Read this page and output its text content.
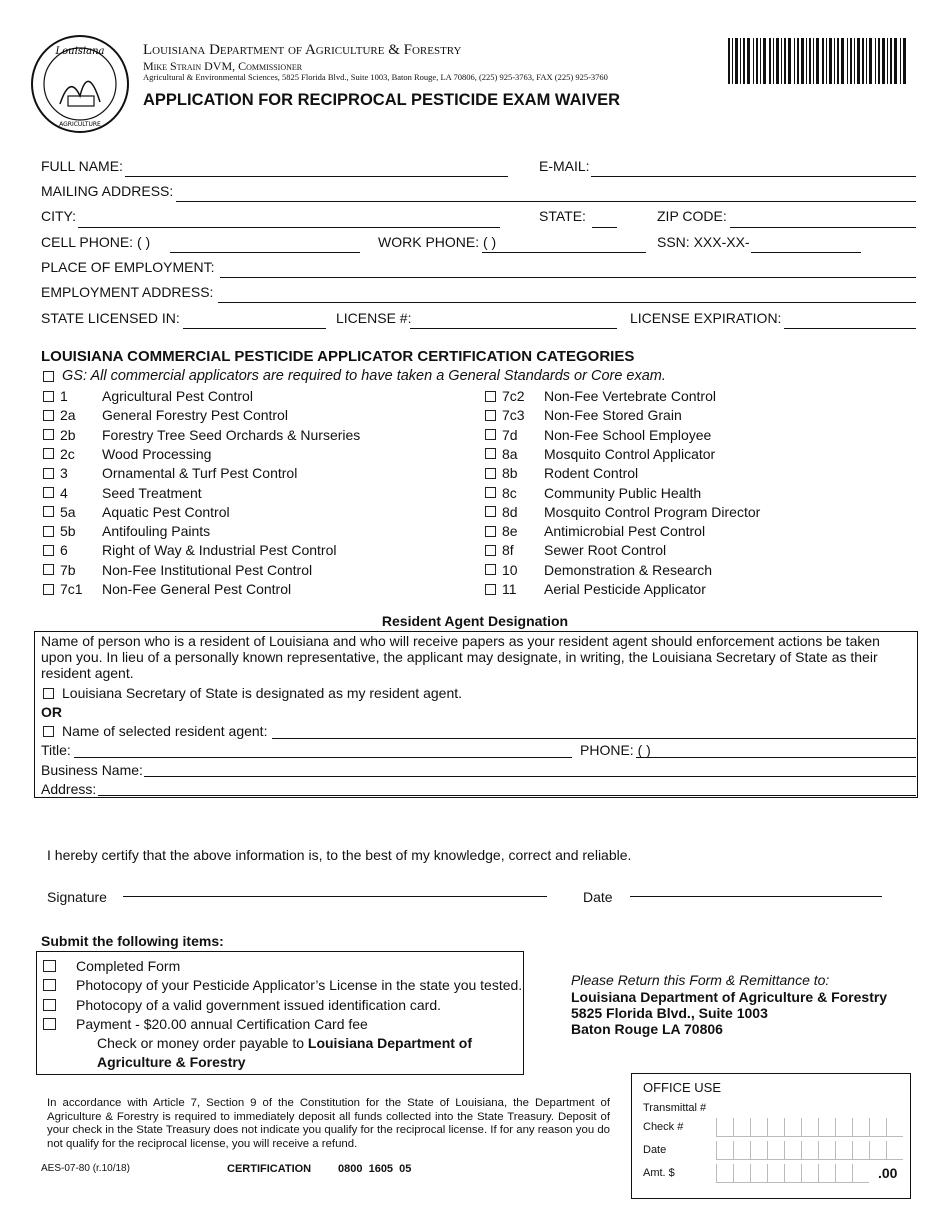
Louisiana
AGRICULTURE
Louisiana Department of Agriculture & Forestry
Mike Strain DVM, Commissioner
Agricultural & Environmental Sciences, 5825 Florida Blvd., Suite 1003, Baton Rouge, LA 70806, (225) 925-3763, FAX (225) 925-3760
APPLICATION FOR RECIPROCAL PESTICIDE EXAM WAIVER
FULL NAME:	E-MAIL:
MAILING ADDRESS:
CITY:	STATE:	ZIP CODE:
CELL PHONE: ( )	WORK PHONE: ( )	SSN: XXX-XX-
PLACE OF EMPLOYMENT:
EMPLOYMENT ADDRESS:
STATE LICENSED IN:	LICENSE #:	LICENSE EXPIRATION:
LOUISIANA COMMERCIAL PESTICIDE APPLICATOR CERTIFICATION CATEGORIES
GS: All commercial applicators are required to have taken a General Standards or Core exam.
1	Agricultural Pest Control
2a	General Forestry Pest Control
2b	Forestry Tree Seed Orchards & Nurseries
2c	Wood Processing
3	Ornamental & Turf Pest Control
4	Seed Treatment
5a	Aquatic Pest Control
5b	Antifouling Paints
6	Right of Way & Industrial Pest Control
7b	Non-Fee Institutional Pest Control
7c1	Non-Fee General Pest Control
7c2	Non-Fee Vertebrate Control
7c3	Non-Fee Stored Grain
7d	Non-Fee School Employee
8a	Mosquito Control Applicator
8b	Rodent Control
8c	Community Public Health
8d	Mosquito Control Program Director
8e	Antimicrobial Pest Control
8f	Sewer Root Control
10	Demonstration & Research
11	Aerial Pesticide Applicator
Resident Agent Designation
Name of person who is a resident of Louisiana and who will receive papers as your resident agent should enforcement actions be taken upon you. In lieu of a personally known representative, the applicant may designate, in writing, the Louisiana Secretary of State as their resident agent.
Louisiana Secretary of State is designated as my resident agent.
OR
Name of selected resident agent:
Title:	PHONE: ( )
Business Name:
Address:
I hereby certify that the above information is, to the best of my knowledge, correct and reliable.
Signature	Date
Submit the following items:
Completed Form
Photocopy of your Pesticide Applicator’s License in the state you tested.
Photocopy of a valid government issued identification card.
Payment - $20.00 annual Certification Card fee
Check or money order payable to Louisiana Department of
Agriculture & Forestry
Please Return this Form & Remittance to:
Louisiana Department of Agriculture & Forestry
5825 Florida Blvd., Suite 1003
Baton Rouge LA 70806
OFFICE USE
Transmittal #
Check #
Date
Amt. $	.00
In accordance with Article 7, Section 9 of the Constitution for the State of Louisiana, the Department of Agriculture & Forestry is required to immediately deposit all funds collected into the State Treasury. Deposit of your check in the State Treasury does not indicate you qualify for the reciprocal license. If for any reason you do not qualify for the reciprocal license, you will receive a refund.
AES-07-80 (r.10/18)	CERTIFICATION 0800  1605  05
